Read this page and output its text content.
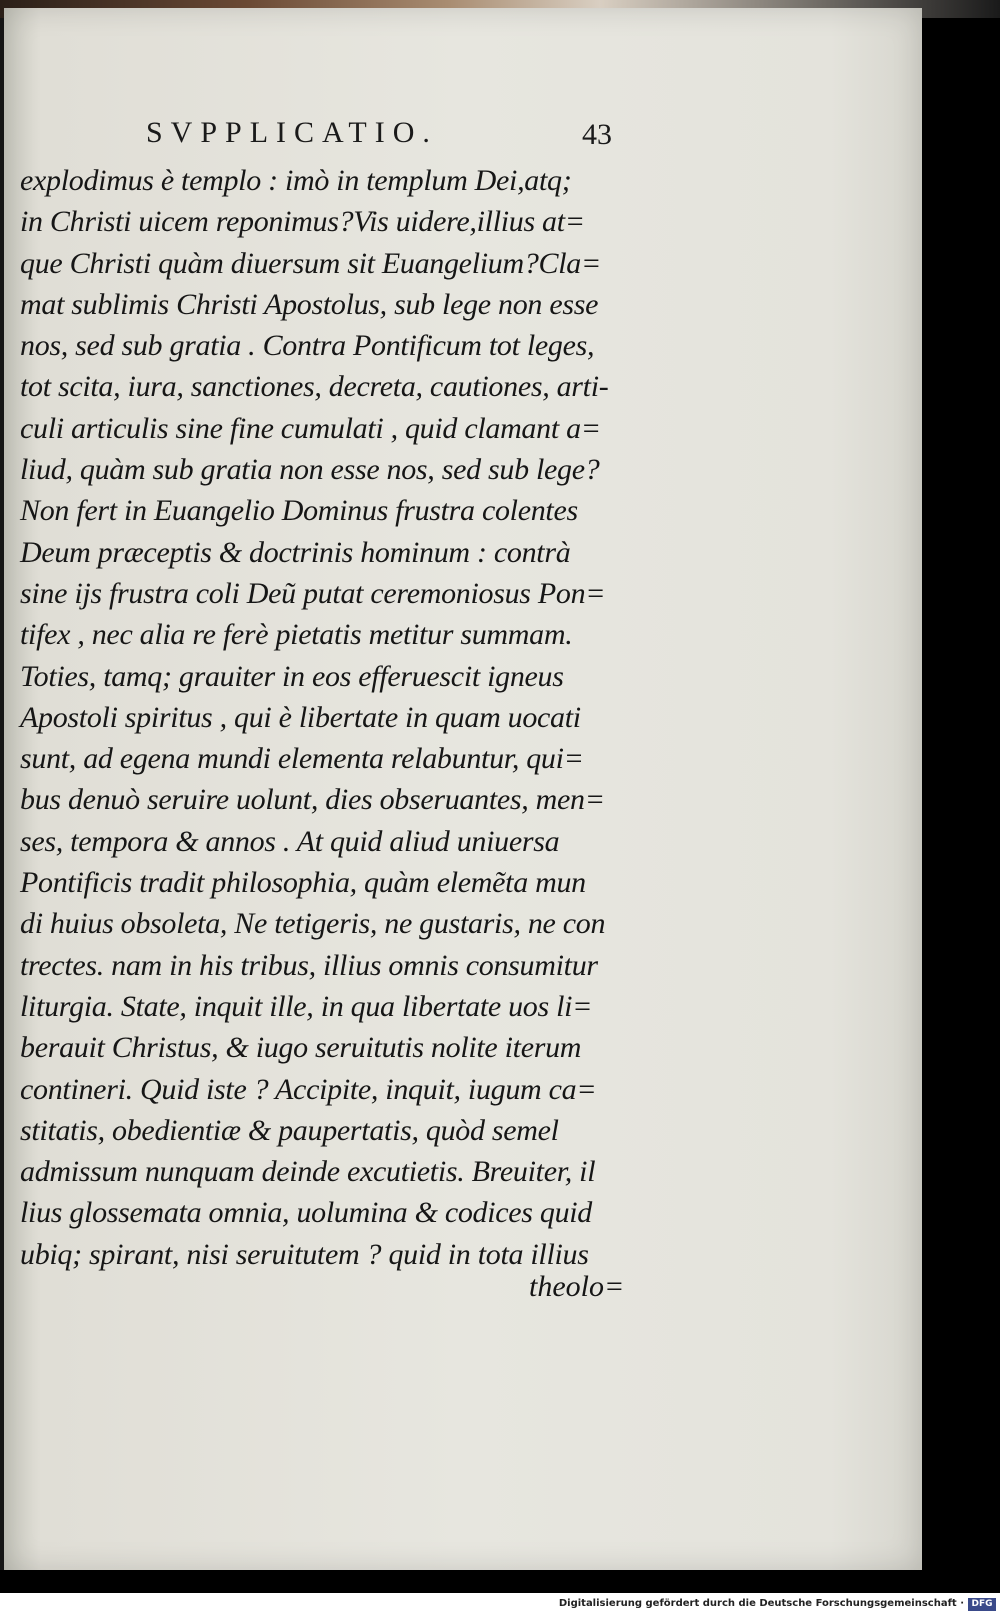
SVPPLICATIO.	43
explodimus è templo : imò in templum Dei,atq;
in Christi uicem reponimus?Vis uidere,illius at=
que Christi quàm diuersum sit Euangelium?Cla=
mat sublimis Christi Apostolus, sub lege non esse
nos, sed sub gratia . Contra Pontificum tot leges,
tot scita, iura, sanctiones, decreta, cautiones, arti-
culi articulis sine fine cumulati , quid clamant a=
liud, quàm sub gratia non esse nos, sed sub lege?
Non fert in Euangelio Dominus frustra colentes
Deum præceptis & doctrinis hominum : contrà
sine ijs frustra coli Deũ putat ceremoniosus Pon=
tifex , nec alia re ferè pietatis metitur summam.
Toties, tamq; grauiter in eos efferuescit igneus
Apostoli spiritus , qui è libertate in quam uocati
sunt, ad egena mundi elementa relabuntur, qui=
bus denuò seruire uolunt, dies obseruantes, men=
ses, tempora & annos . At quid aliud uniuersa
Pontificis tradit philosophia, quàm elemẽta mun
di huius obsoleta, Ne tetigeris, ne gustaris, ne con
trectes. nam in his tribus, illius omnis consumitur
liturgia. State, inquit ille, in qua libertate uos li=
berauit Christus, & iugo seruitutis nolite iterum
contineri. Quid iste ? Accipite, inquit, iugum ca=
stitatis, obedientiæ & paupertatis, quòd semel
admissum nunquam deinde excutietis. Breuiter, il
lius glossemata omnia, uolumina & codices quid
ubiq; spirant, nisi seruitutem ? quid in tota illius
theolo=
Digitalisierung gefördert durch die Deutsche Forschungsgemeinschaft · DFG
